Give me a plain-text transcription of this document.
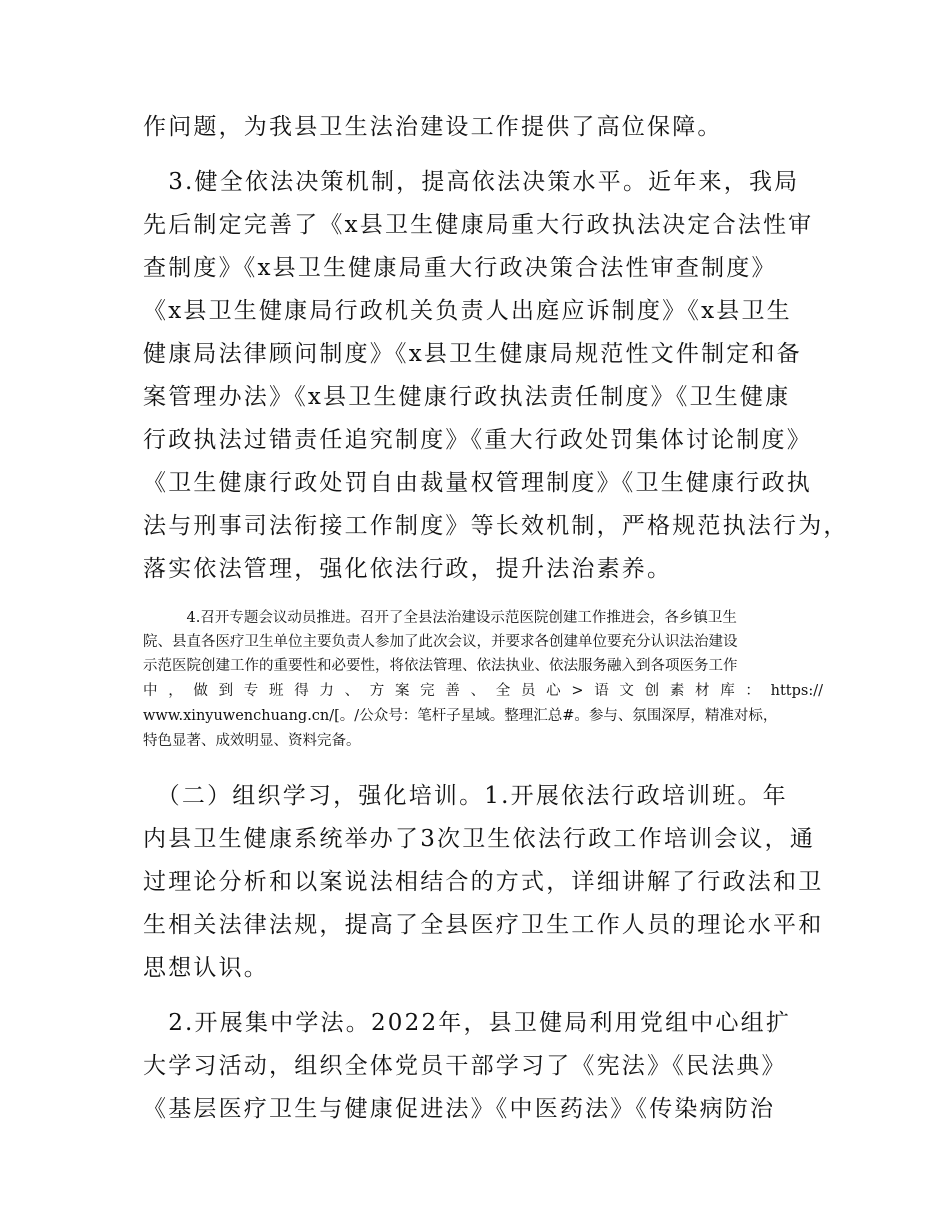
作问题，为我县卫生法治建设工作提供了高位保障。
　3.健全依法决策机制，提高依法决策水平。近年来，我局
先后制定完善了《x县卫生健康局重大行政执法决定合法性审
查制度》《x县卫生健康局重大行政决策合法性审查制度》
《x县卫生健康局行政机关负责人出庭应诉制度》《x县卫生
健康局法律顾问制度》《x县卫生健康局规范性文件制定和备
案管理办法》《x县卫生健康行政执法责任制度》《卫生健康
行政执法过错责任追究制度》《重大行政处罚集体讨论制度》
《卫生健康行政处罚自由裁量权管理制度》《卫生健康行政执
法与刑事司法衔接工作制度》等长效机制，严格规范执法行为，
落实依法管理，强化依法行政，提升法治素养。
　　　4.召开专题会议动员推进。召开了全县法治建设示范医院创建工作推进会，各乡镇卫生
院、县直各医疗卫生单位主要负责人参加了此次会议，并要求各创建单位要充分认识法治建设
示范医院创建工作的重要性和必要性，将依法管理、依法执业、依法服务融入到各项医务工作
中，做到专班得力、方案完善、全员心>语文创素材库：https://
www.xinyuwenchuang.cn/[。/公众号：笔杆子星域。整理汇总#。参与、氛围深厚，精准对标，
特色显著、成效明显、资料完备。
　（二）组织学习，强化培训。1.开展依法行政培训班。年
内县卫生健康系统举办了3次卫生依法行政工作培训会议，通
过理论分析和以案说法相结合的方式，详细讲解了行政法和卫
生相关法律法规，提高了全县医疗卫生工作人员的理论水平和
思想认识。
　2.开展集中学法。2022年，县卫健局利用党组中心组扩
大学习活动，组织全体党员干部学习了《宪法》《民法典》
《基层医疗卫生与健康促进法》《中医药法》《传染病防治
